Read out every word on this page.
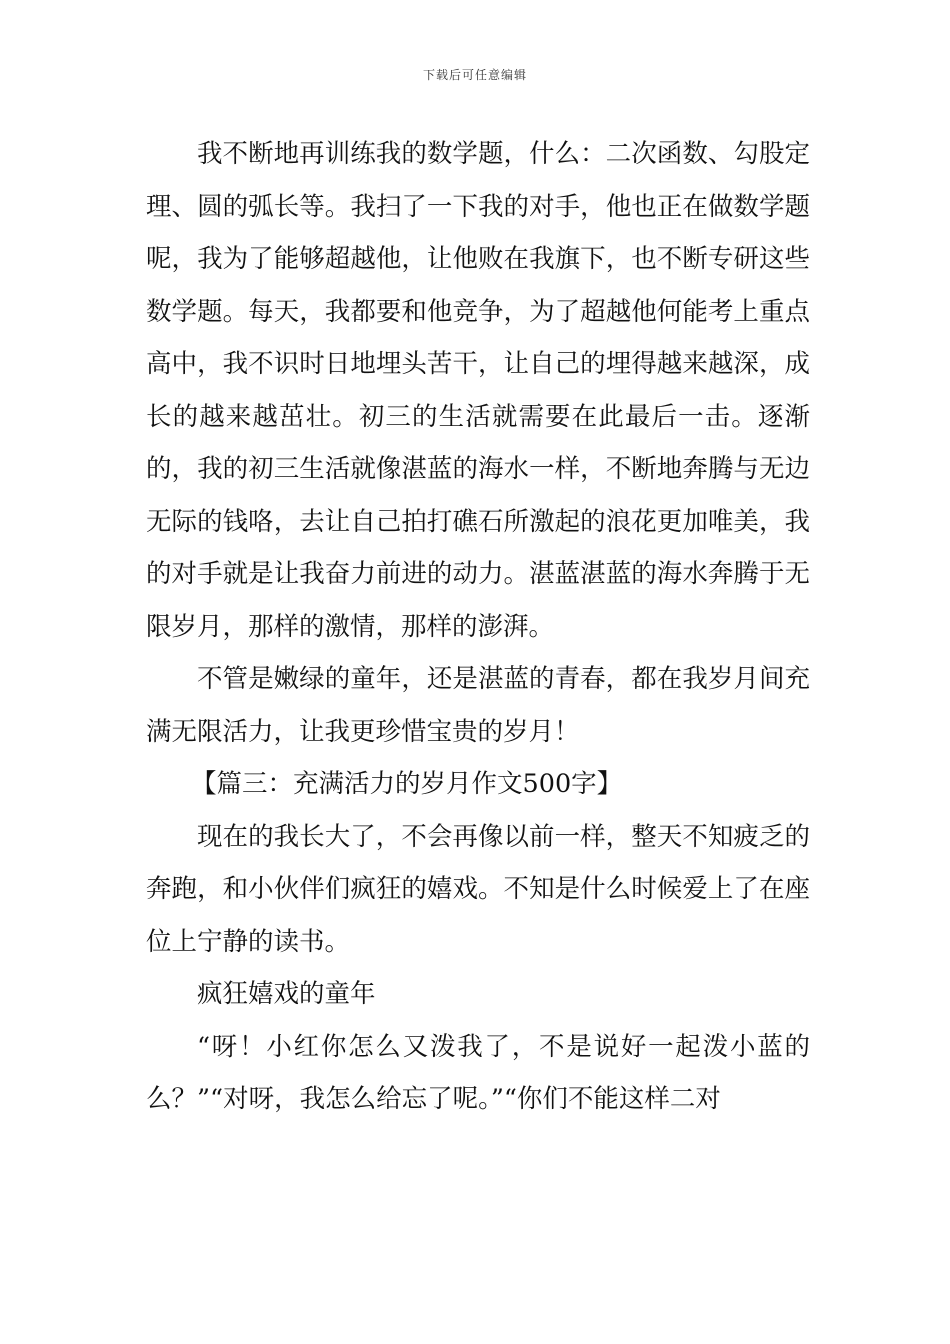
下载后可任意编辑

我不断地再训练我的数学题，什么：二次函数、勾股定理、圆的弧长等。我扫了一下我的对手，他也正在做数学题呢，我为了能够超越他，让他败在我旗下，也不断专研这些数学题。每天，我都要和他竞争，为了超越他何能考上重点高中，我不识时日地埋头苦干，让自己的埋得越来越深，成长的越来越茁壮。初三的生活就需要在此最后一击。逐渐的，我的初三生活就像湛蓝的海水一样，不断地奔腾与无边无际的钱咯，去让自己拍打礁石所激起的浪花更加唯美，我的对手就是让我奋力前进的动力。湛蓝湛蓝的海水奔腾于无限岁月，那样的激情，那样的澎湃。

不管是嫩绿的童年，还是湛蓝的青春，都在我岁月间充满无限活力，让我更珍惜宝贵的岁月！

【篇三：充满活力的岁月作文500字】

现在的我长大了，不会再像以前一样，整天不知疲乏的奔跑，和小伙伴们疯狂的嬉戏。不知是什么时候爱上了在座位上宁静的读书。

疯狂嬉戏的童年

“呀！小红你怎么又泼我了，不是说好一起泼小蓝的么？”“对呀，我怎么给忘了呢。”“你们不能这样二对
